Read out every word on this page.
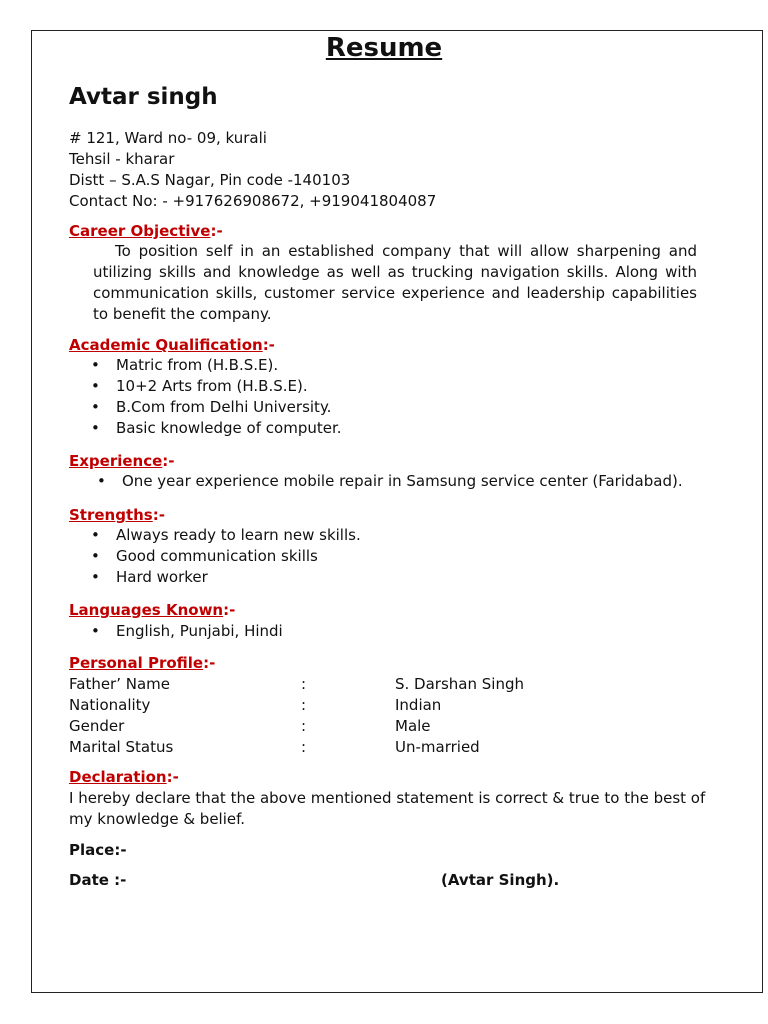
Resume
Avtar singh
# 121, Ward no- 09, kurali
Tehsil - kharar
Distt – S.A.S Nagar, Pin code -140103
Contact No: - +917626908672, +919041804087
Career Objective:-
To position self in an established company that will allow sharpening and utilizing skills and knowledge as well as trucking navigation skills. Along with communication skills, customer service experience and leadership capabilities to benefit the company.
Academic Qualification:-
• Matric from (H.B.S.E).
• 10+2 Arts from (H.B.S.E).
• B.Com from Delhi University.
• Basic knowledge of computer.
Experience:-
• One year experience mobile repair in Samsung service center (Faridabad).
Strengths:-
• Always ready to learn new skills.
• Good communication skills
• Hard worker
Languages Known:-
• English, Punjabi, Hindi
Personal Profile:-
Father’ Name	:	S. Darshan Singh
Nationality	:	Indian
Gender	:	Male
Marital Status	:	Un-married
Declaration:-
I hereby declare that the above mentioned statement is correct & true to the best of
my knowledge & belief.
Place:-
Date :-	(Avtar Singh).
